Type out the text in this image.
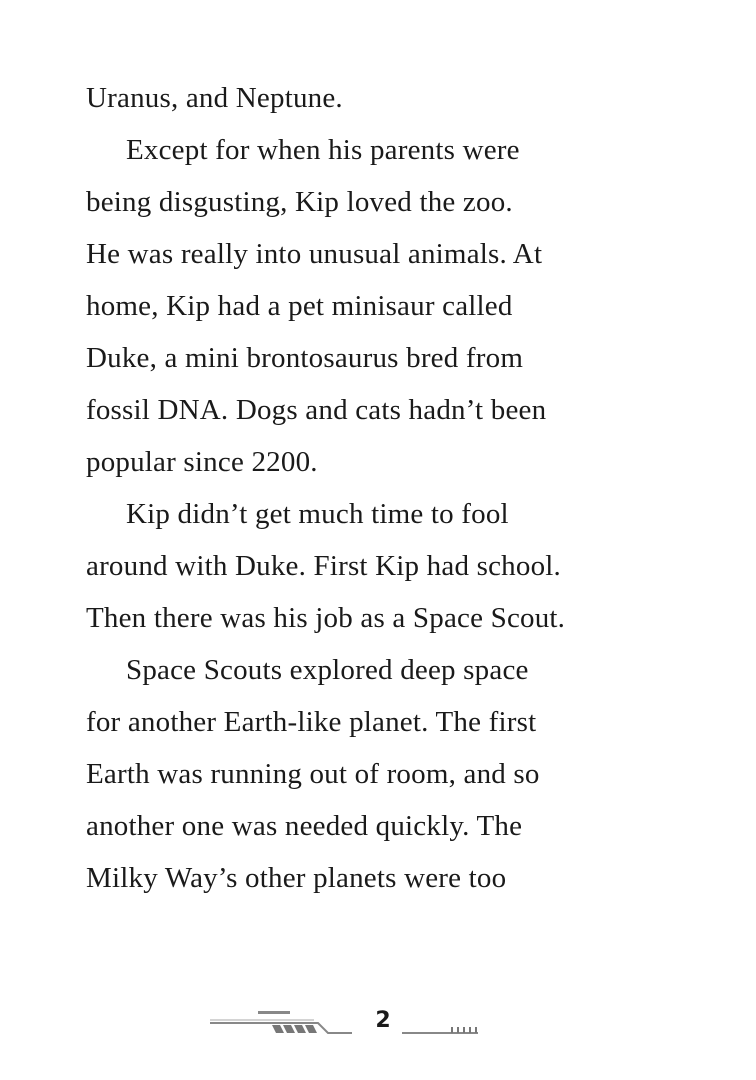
Uranus, and Neptune.
Except for when his parents were
being disgusting, Kip loved the zoo.
He was really into unusual animals. At
home, Kip had a pet minisaur called
Duke, a mini brontosaurus bred from
fossil DNA. Dogs and cats hadn’t been
popular since 2200.
Kip didn’t get much time to fool
around with Duke. First Kip had school.
Then there was his job as a Space Scout.
Space Scouts explored deep space
for another Earth-like planet. The first
Earth was running out of room, and so
another one was needed quickly. The
Milky Way’s other planets were too
2
